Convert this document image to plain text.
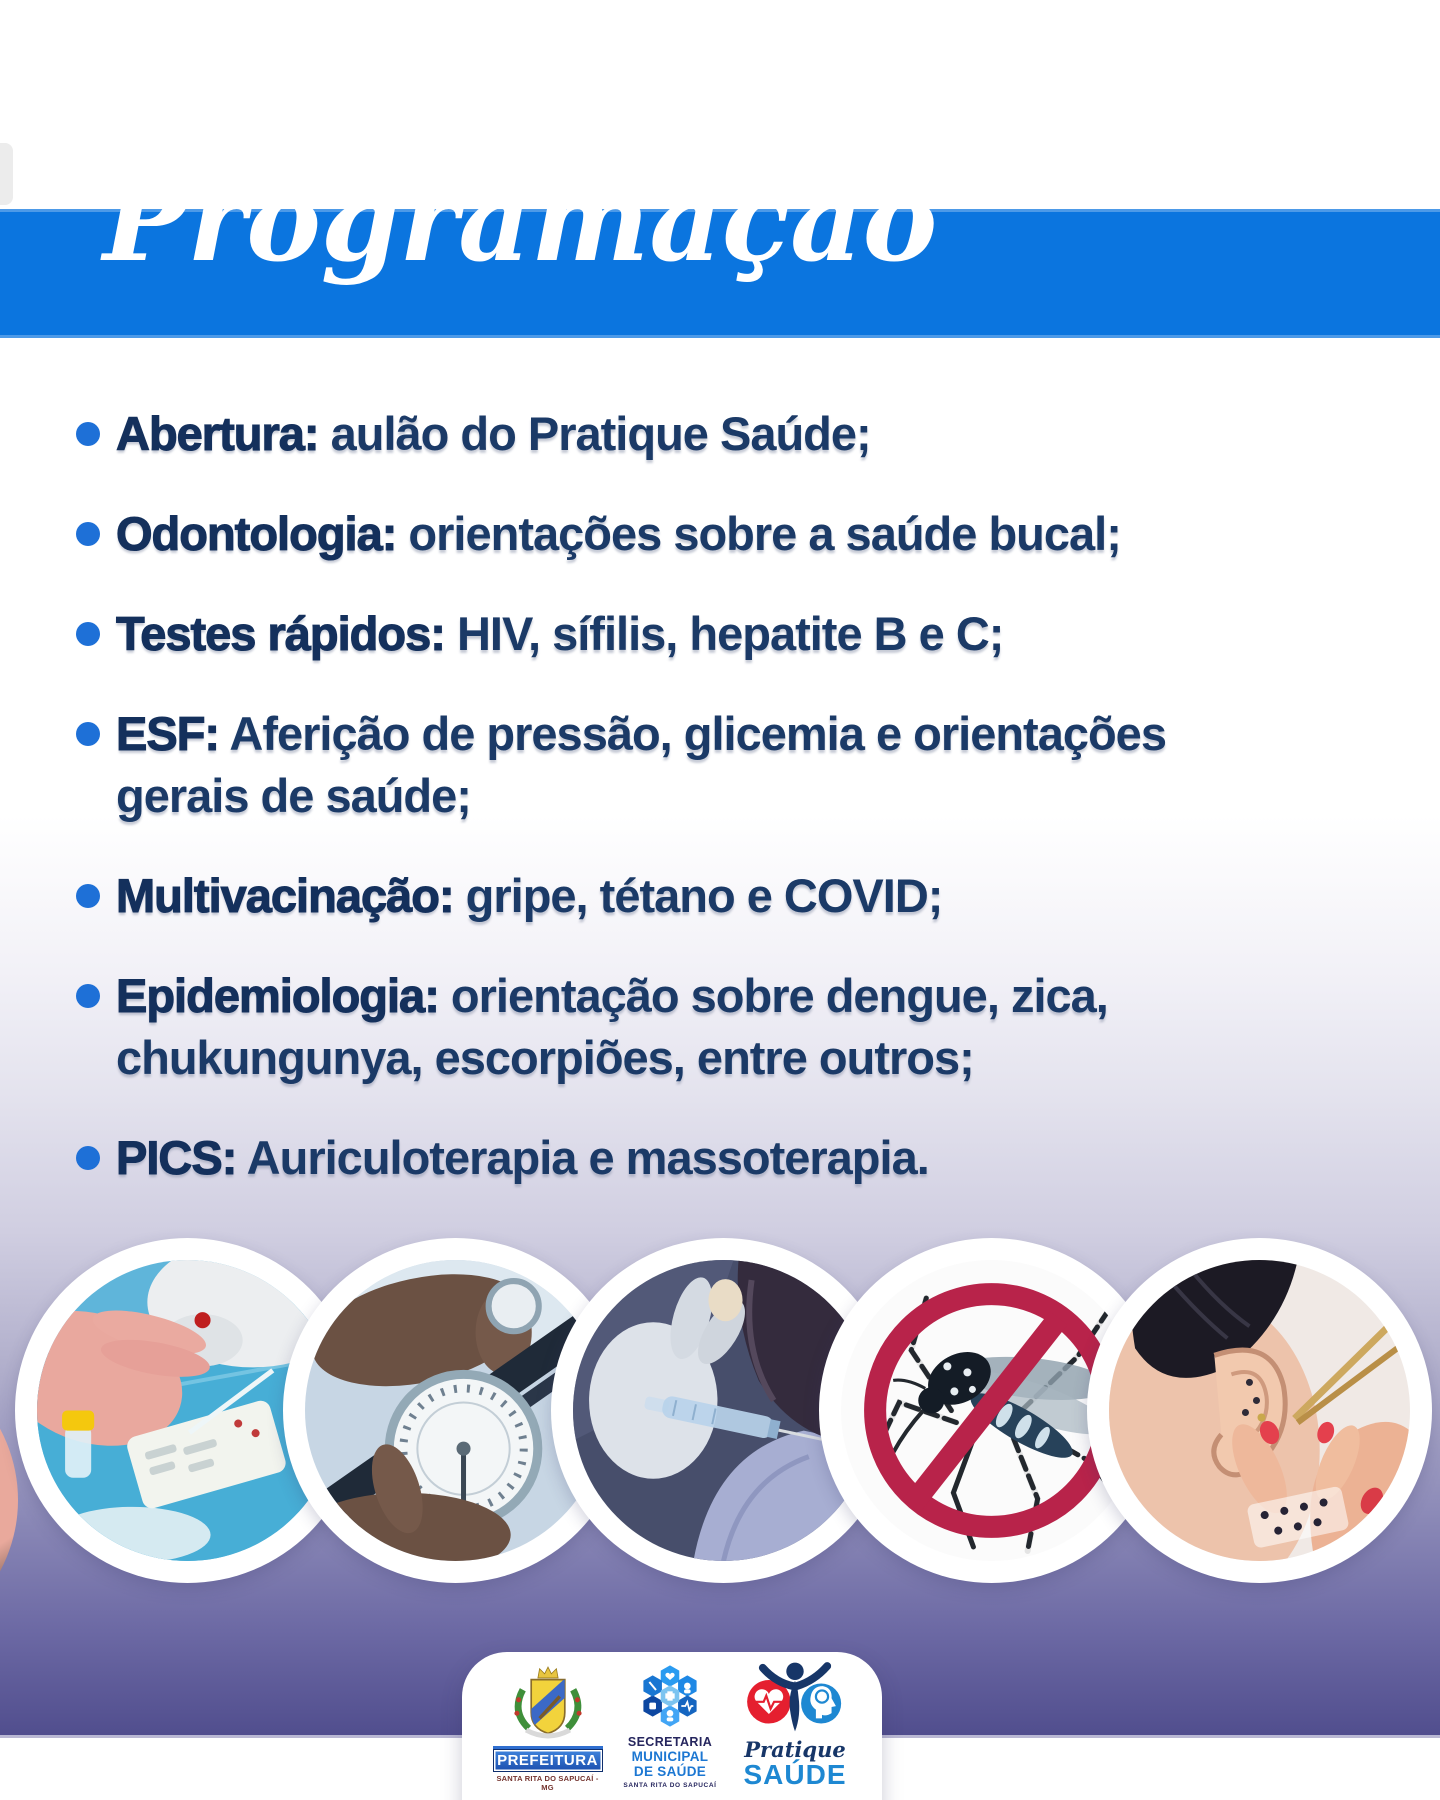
Programação
Abertura: aulão do Pratique Saúde;
Odontologia: orientações sobre a saúde bucal;
Testes rápidos: HIV, sífilis, hepatite B e C;
ESF: Aferição de pressão, glicemia e orientações
gerais de saúde;
Multivacinação: gripe, tétano e COVID;
Epidemiologia: orientação sobre dengue, zica,
chukungunya, escorpiões, entre outros;
PICS: Auriculoterapia e massoterapia.
PREFEITURA
SANTA RITA DO SAPUCAÍ - MG
SECRETARIA
MUNICIPAL
DE SAÚDE
SANTA RITA DO SAPUCAÍ
Pratique
SAÚDE
